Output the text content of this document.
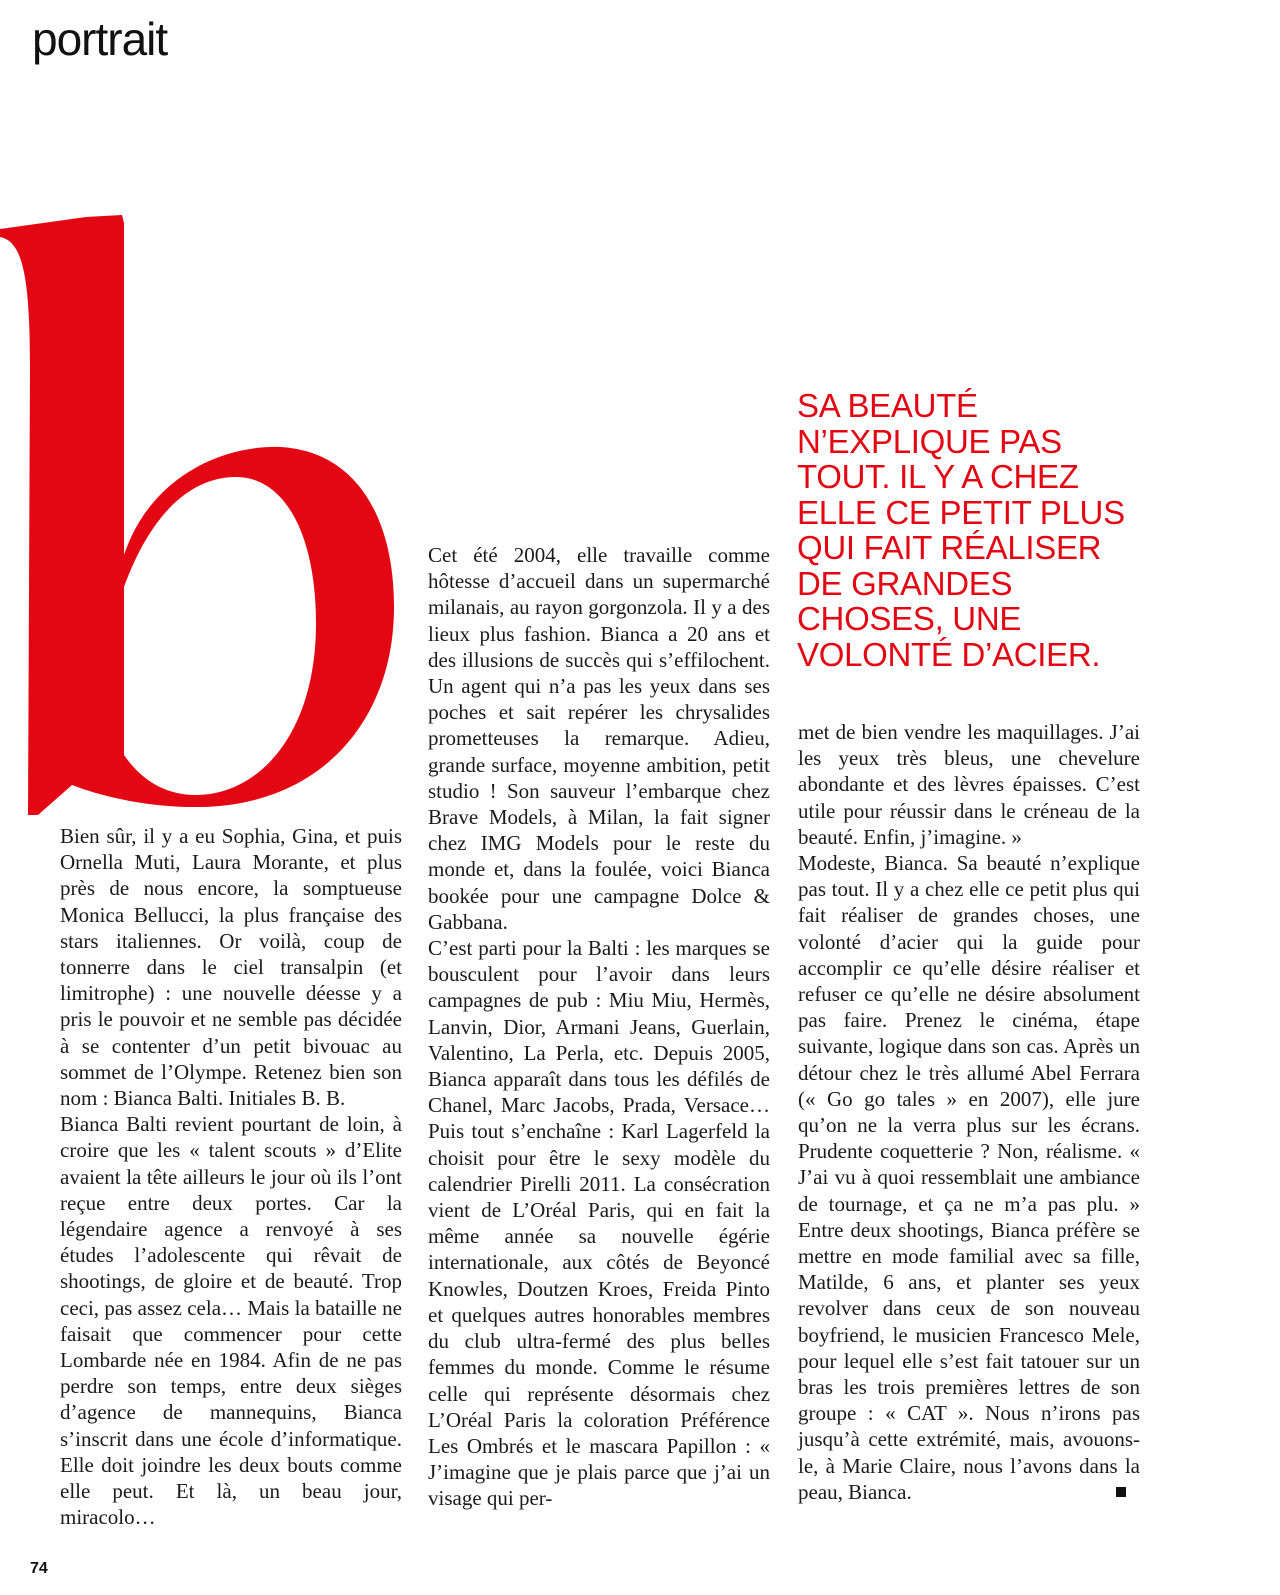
portrait

Bien sûr, il y a eu Sophia, Gina, et puis Ornella Muti, Laura Morante, et plus près de nous encore, la somptueuse Monica Bellucci, la plus française des stars italiennes. Or voilà, coup de tonnerre dans le ciel transalpin (et limitrophe) : une nouvelle déesse y a pris le pouvoir et ne semble pas décidée à se contenter d’un petit bivouac au sommet de l’Olympe. Retenez bien son nom : Bianca Balti. Initiales B. B.

Bianca Balti revient pourtant de loin, à croire que les « talent scouts » d’Elite avaient la tête ailleurs le jour où ils l’ont reçue entre deux portes. Car la légendaire agence a renvoyé à ses études l’adolescente qui rêvait de shootings, de gloire et de beauté. Trop ceci, pas assez cela… Mais la bataille ne faisait que commencer pour cette Lombarde née en 1984. Afin de ne pas perdre son temps, entre deux sièges d’agence de mannequins, Bianca s’inscrit dans une école d’informatique. Elle doit joindre les deux bouts comme elle peut. Et là, un beau jour, miracolo…

Cet été 2004, elle travaille comme hôtesse d’accueil dans un supermarché milanais, au rayon gorgonzola. Il y a des lieux plus fashion. Bianca a 20 ans et des illusions de succès qui s’effilochent. Un agent qui n’a pas les yeux dans ses poches et sait repérer les chrysalides prometteuses la remarque. Adieu, grande surface, moyenne ambition, petit studio ! Son sauveur l’embarque chez Brave Models, à Milan, la fait signer chez IMG Models pour le reste du monde et, dans la foulée, voici Bianca bookée pour une campagne Dolce & Gabbana.

C’est parti pour la Balti : les marques se bousculent pour l’avoir dans leurs campagnes de pub : Miu Miu, Hermès, Lanvin, Dior, Armani Jeans, Guerlain, Valentino, La Perla, etc. Depuis 2005, Bianca apparaît dans tous les défilés de Chanel, Marc Jacobs, Prada, Versace… Puis tout s’enchaîne : Karl Lagerfeld la choisit pour être le sexy modèle du calendrier Pirelli 2011. La consécration vient de L’Oréal Paris, qui en fait la même année sa nouvelle égérie internationale, aux côtés de Beyoncé Knowles, Doutzen Kroes, Freida Pinto et quelques autres honorables membres du club ultra-fermé des plus belles femmes du monde. Comme le résume celle qui représente désormais chez L’Oréal Paris la coloration Préférence Les Ombrés et le mascara Papillon : « J’imagine que je plais parce que j’ai un visage qui per-

SA BEAUTÉ N’EXPLIQUE PAS TOUT. IL Y A CHEZ ELLE CE PETIT PLUS QUI FAIT RÉALISER DE GRANDES CHOSES, UNE VOLONTÉ D’ACIER.

met de bien vendre les maquillages. J’ai les yeux très bleus, une chevelure abondante et des lèvres épaisses. C’est utile pour réussir dans le créneau de la beauté. Enfin, j’imagine. »

Modeste, Bianca. Sa beauté n’explique pas tout. Il y a chez elle ce petit plus qui fait réaliser de grandes choses, une volonté d’acier qui la guide pour accomplir ce qu’elle désire réaliser et refuser ce qu’elle ne désire absolument pas faire. Prenez le cinéma, étape suivante, logique dans son cas. Après un détour chez le très allumé Abel Ferrara (« Go go tales » en 2007), elle jure qu’on ne la verra plus sur les écrans. Prudente coquetterie ? Non, réalisme. « J’ai vu à quoi ressemblait une ambiance de tournage, et ça ne m’a pas plu. » Entre deux shootings, Bianca préfère se mettre en mode familial avec sa fille, Matilde, 6 ans, et planter ses yeux revolver dans ceux de son nouveau boyfriend, le musicien Francesco Mele, pour lequel elle s’est fait tatouer sur un bras les trois premières lettres de son groupe : « CAT ». Nous n’irons pas jusqu’à cette extrémité, mais, avouons-le, à Marie Claire, nous l’avons dans la peau, Bianca.

74
